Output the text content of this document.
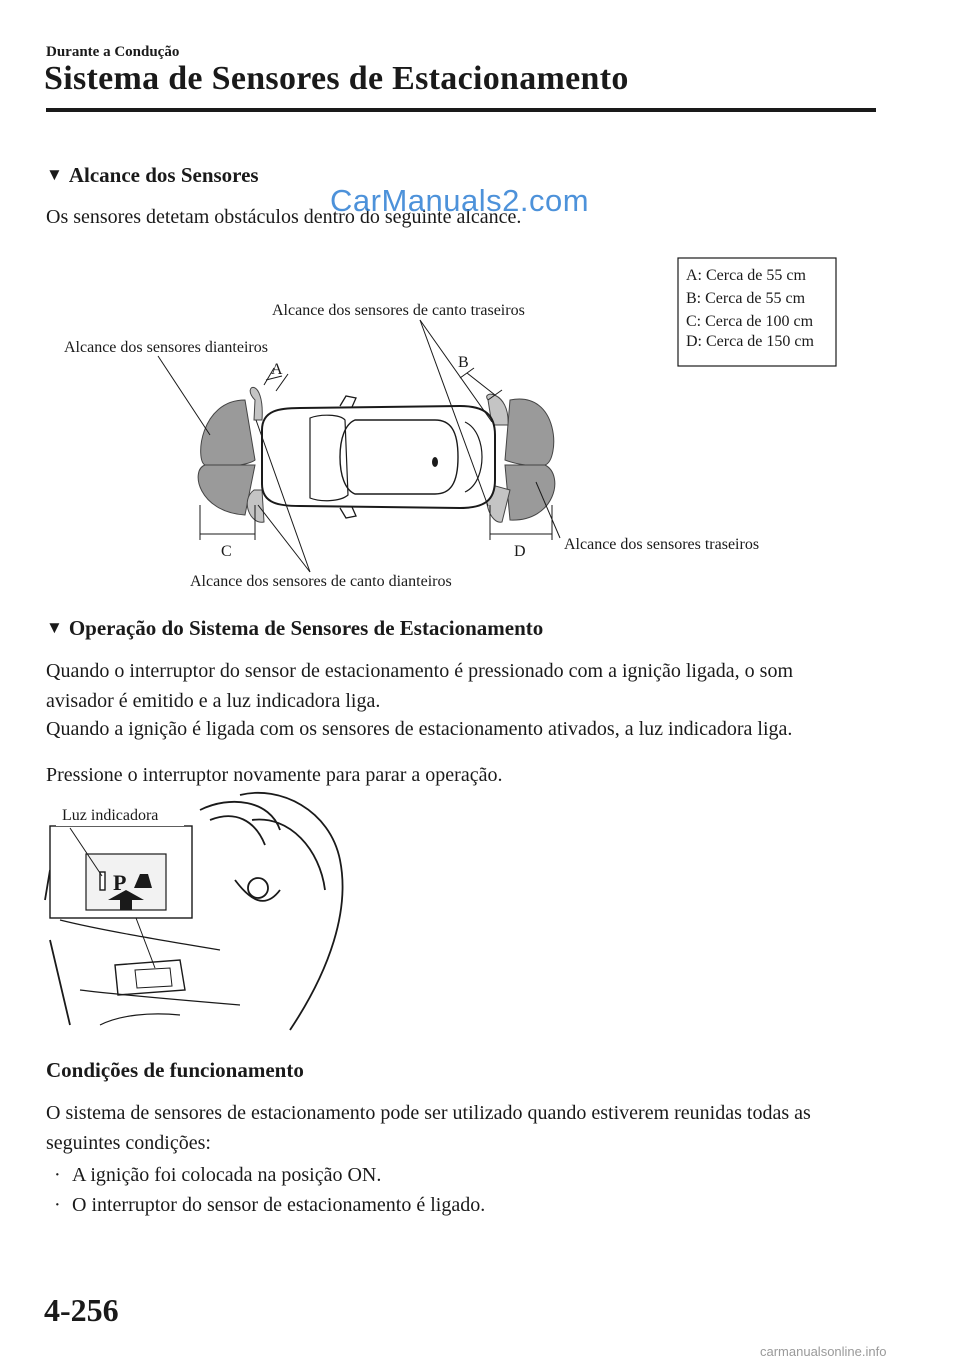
Durante a Condução
Sistema de Sensores de Estacionamento
▼ Alcance dos Sensores
Os sensores detetam obstáculos dentro do seguinte alcance.
CarManuals2.com
A	B
C	D
Alcance dos sensores dianteiros
Alcance dos sensores de canto traseiros
Alcance dos sensores traseiros
Alcance dos sensores de canto dianteiros
A: Cerca de 55 cm
B: Cerca de 55 cm
C: Cerca de 100 cm
D: Cerca de 150 cm
▼ Operação do Sistema de Sensores de Estacionamento
Quando o interruptor do sensor de estacionamento é pressionado com a ignição ligada, o som avisador é emitido e a luz indicadora liga.
Quando a ignição é ligada com os sensores de estacionamento ativados, a luz indicadora liga.
Pressione o interruptor novamente para parar a operação.
P
Luz indicadora
Condições de funcionamento
O sistema de sensores de estacionamento pode ser utilizado quando estiverem reunidas todas as seguintes condições:
· A ignição foi colocada na posição ON.
· O interruptor do sensor de estacionamento é ligado.
4-256
carmanualsonline.info
